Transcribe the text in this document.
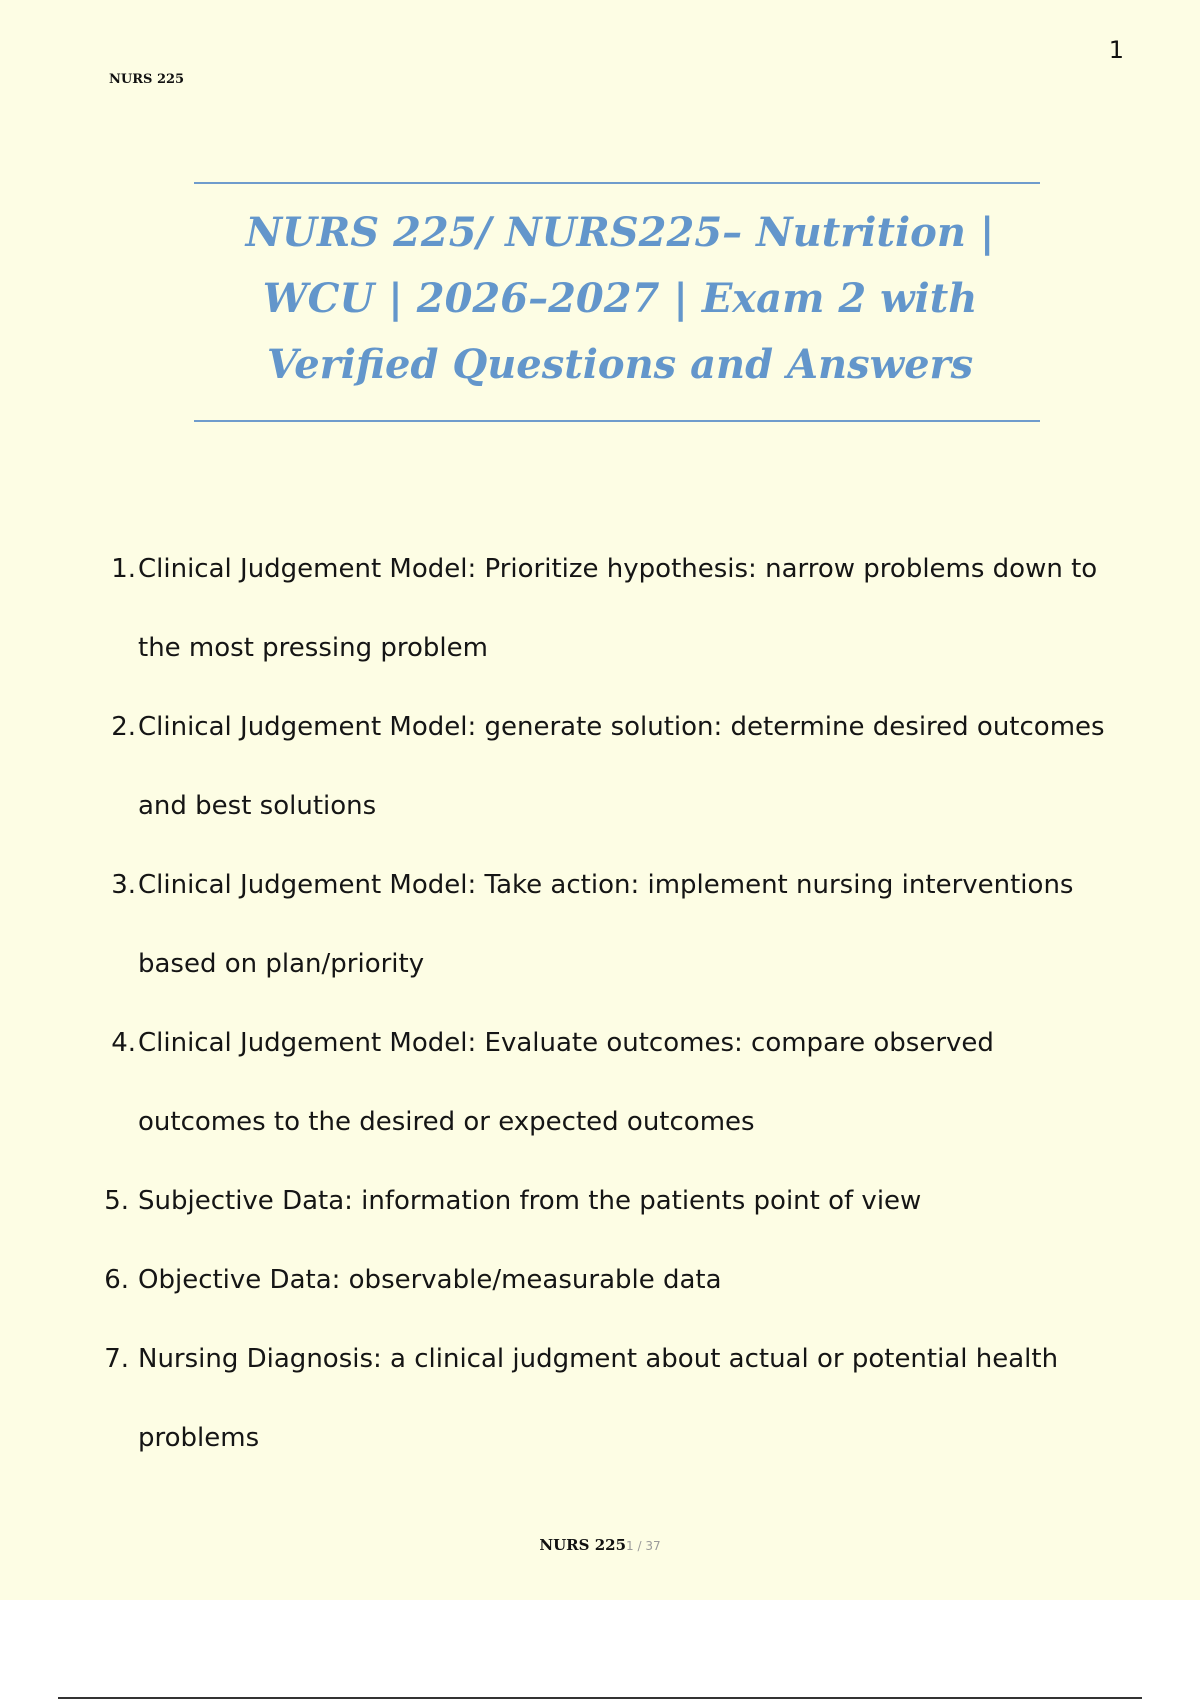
1
NURS 225
NURS 225/ NURS225– Nutrition |
WCU | 2026–2027 | Exam 2 with
Verified Questions and Answers
1. Clinical Judgement Model: Prioritize hypothesis: narrow problems down to the most pressing problem
2. Clinical Judgement Model: generate solution: determine desired outcomes and best solutions
3. Clinical Judgement Model: Take action: implement nursing interventions based on plan/priority
4. Clinical Judgement Model: Evaluate outcomes: compare observed outcomes to the desired or expected outcomes
5. Subjective Data: information from the patients point of view
6. Objective Data: observable/measurable data
7. Nursing Diagnosis: a clinical judgment about actual or potential health problems
NURS 2251 / 37
